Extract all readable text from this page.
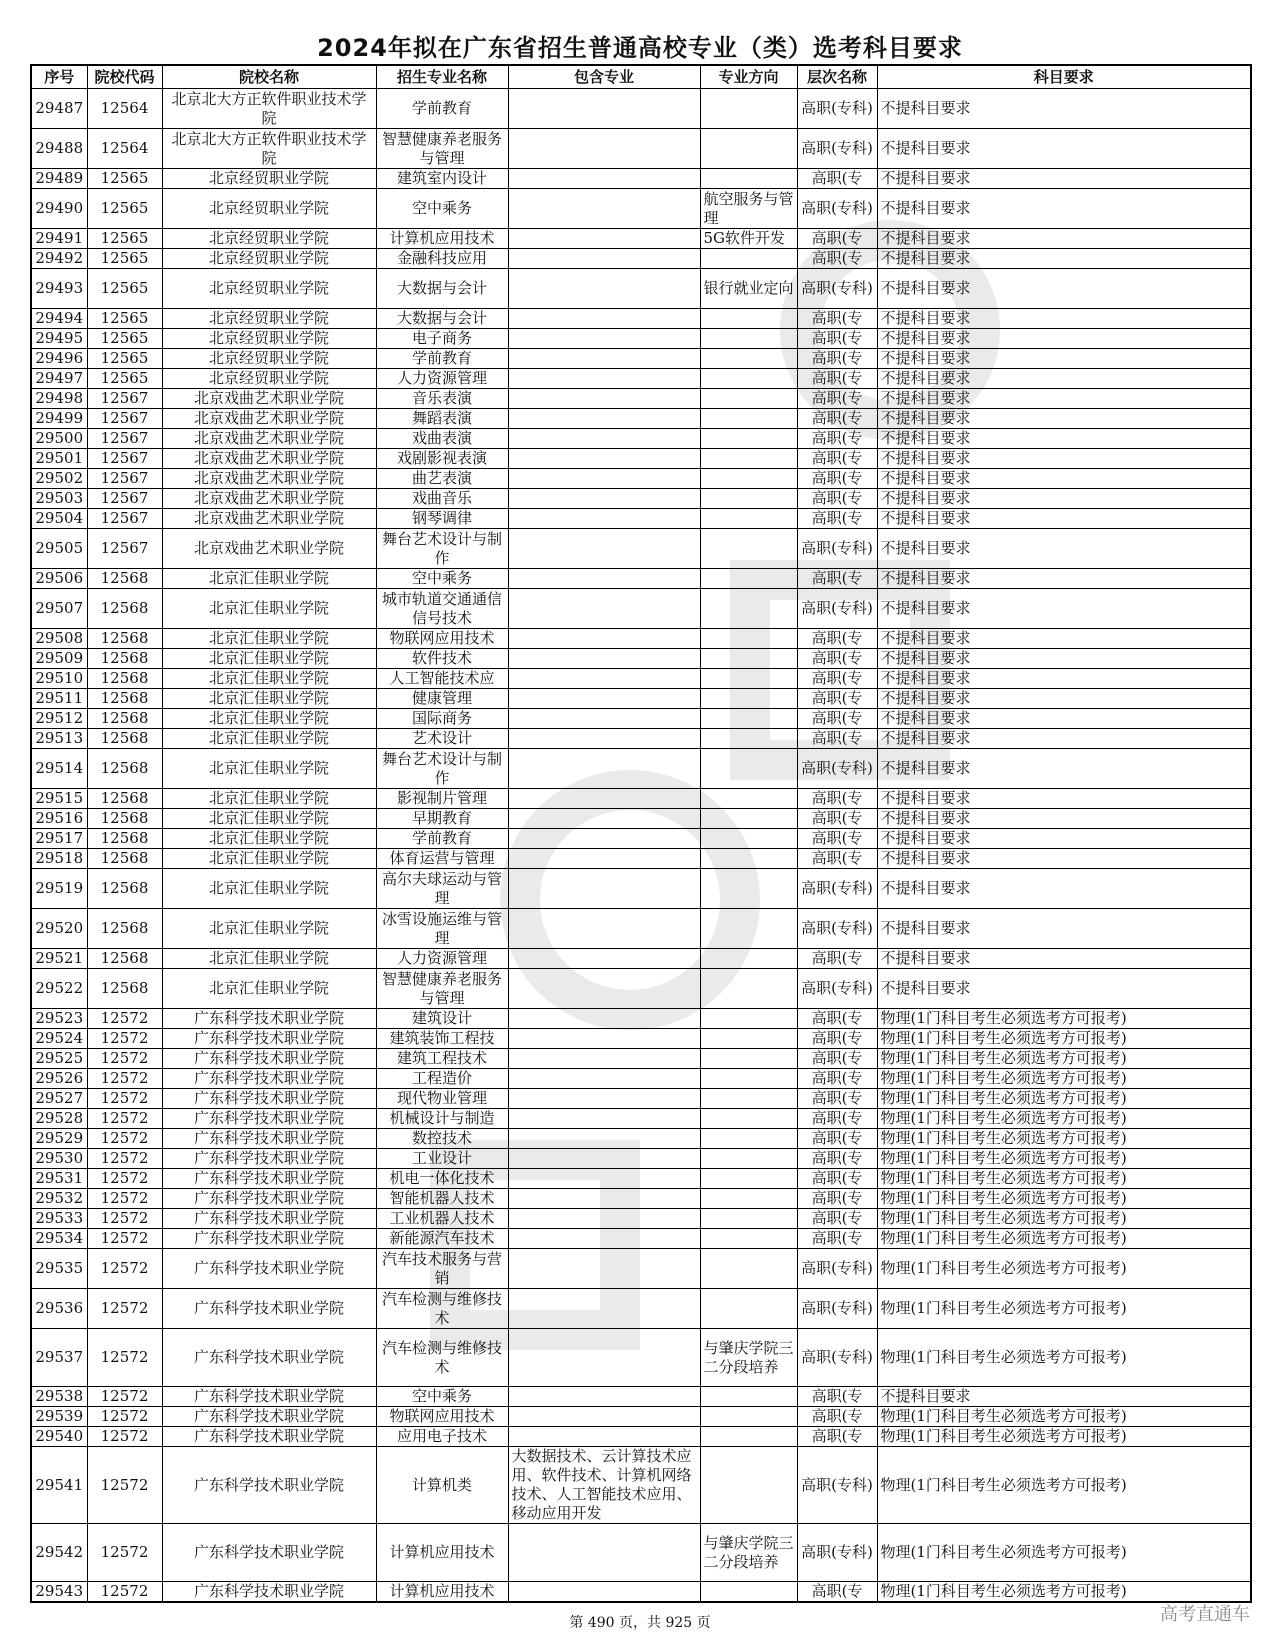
2024年拟在广东省招生普通高校专业（类）选考科目要求
序号	院校代码	院校名称	招生专业名称	包含专业	专业方向	层次名称	科目要求
29487	12564	北京北大方正软件职业技术学院	学前教育			高职(专科)	不提科目要求
29488	12564	北京北大方正软件职业技术学院	智慧健康养老服务与管理			高职(专科)	不提科目要求
29489	12565	北京经贸职业学院	建筑室内设计			高职(专	不提科目要求
29490	12565	北京经贸职业学院	空中乘务		航空服务与管理	高职(专科)	不提科目要求
29491	12565	北京经贸职业学院	计算机应用技术		5G软件开发	高职(专	不提科目要求
29492	12565	北京经贸职业学院	金融科技应用			高职(专	不提科目要求
29493	12565	北京经贸职业学院	大数据与会计		银行就业定向	高职(专科)	不提科目要求
29494	12565	北京经贸职业学院	大数据与会计			高职(专	不提科目要求
29495	12565	北京经贸职业学院	电子商务			高职(专	不提科目要求
29496	12565	北京经贸职业学院	学前教育			高职(专	不提科目要求
29497	12565	北京经贸职业学院	人力资源管理			高职(专	不提科目要求
29498	12567	北京戏曲艺术职业学院	音乐表演			高职(专	不提科目要求
29499	12567	北京戏曲艺术职业学院	舞蹈表演			高职(专	不提科目要求
29500	12567	北京戏曲艺术职业学院	戏曲表演			高职(专	不提科目要求
29501	12567	北京戏曲艺术职业学院	戏剧影视表演			高职(专	不提科目要求
29502	12567	北京戏曲艺术职业学院	曲艺表演			高职(专	不提科目要求
29503	12567	北京戏曲艺术职业学院	戏曲音乐			高职(专	不提科目要求
29504	12567	北京戏曲艺术职业学院	钢琴调律			高职(专	不提科目要求
29505	12567	北京戏曲艺术职业学院	舞台艺术设计与制作			高职(专科)	不提科目要求
29506	12568	北京汇佳职业学院	空中乘务			高职(专	不提科目要求
29507	12568	北京汇佳职业学院	城市轨道交通通信信号技术			高职(专科)	不提科目要求
29508	12568	北京汇佳职业学院	物联网应用技术			高职(专	不提科目要求
29509	12568	北京汇佳职业学院	软件技术			高职(专	不提科目要求
29510	12568	北京汇佳职业学院	人工智能技术应			高职(专	不提科目要求
29511	12568	北京汇佳职业学院	健康管理			高职(专	不提科目要求
29512	12568	北京汇佳职业学院	国际商务			高职(专	不提科目要求
29513	12568	北京汇佳职业学院	艺术设计			高职(专	不提科目要求
29514	12568	北京汇佳职业学院	舞台艺术设计与制作			高职(专科)	不提科目要求
29515	12568	北京汇佳职业学院	影视制片管理			高职(专	不提科目要求
29516	12568	北京汇佳职业学院	早期教育			高职(专	不提科目要求
29517	12568	北京汇佳职业学院	学前教育			高职(专	不提科目要求
29518	12568	北京汇佳职业学院	体育运营与管理			高职(专	不提科目要求
29519	12568	北京汇佳职业学院	高尔夫球运动与管理			高职(专科)	不提科目要求
29520	12568	北京汇佳职业学院	冰雪设施运维与管理			高职(专科)	不提科目要求
29521	12568	北京汇佳职业学院	人力资源管理			高职(专	不提科目要求
29522	12568	北京汇佳职业学院	智慧健康养老服务与管理			高职(专科)	不提科目要求
29523	12572	广东科学技术职业学院	建筑设计			高职(专	物理(1门科目考生必须选考方可报考)
29524	12572	广东科学技术职业学院	建筑装饰工程技			高职(专	物理(1门科目考生必须选考方可报考)
29525	12572	广东科学技术职业学院	建筑工程技术			高职(专	物理(1门科目考生必须选考方可报考)
29526	12572	广东科学技术职业学院	工程造价			高职(专	物理(1门科目考生必须选考方可报考)
29527	12572	广东科学技术职业学院	现代物业管理			高职(专	物理(1门科目考生必须选考方可报考)
29528	12572	广东科学技术职业学院	机械设计与制造			高职(专	物理(1门科目考生必须选考方可报考)
29529	12572	广东科学技术职业学院	数控技术			高职(专	物理(1门科目考生必须选考方可报考)
29530	12572	广东科学技术职业学院	工业设计			高职(专	物理(1门科目考生必须选考方可报考)
29531	12572	广东科学技术职业学院	机电一体化技术			高职(专	物理(1门科目考生必须选考方可报考)
29532	12572	广东科学技术职业学院	智能机器人技术			高职(专	物理(1门科目考生必须选考方可报考)
29533	12572	广东科学技术职业学院	工业机器人技术			高职(专	物理(1门科目考生必须选考方可报考)
29534	12572	广东科学技术职业学院	新能源汽车技术			高职(专	物理(1门科目考生必须选考方可报考)
29535	12572	广东科学技术职业学院	汽车技术服务与营销			高职(专科)	物理(1门科目考生必须选考方可报考)
29536	12572	广东科学技术职业学院	汽车检测与维修技术			高职(专科)	物理(1门科目考生必须选考方可报考)
29537	12572	广东科学技术职业学院	汽车检测与维修技术		与肇庆学院三二分段培养	高职(专科)	物理(1门科目考生必须选考方可报考)
29538	12572	广东科学技术职业学院	空中乘务			高职(专	不提科目要求
29539	12572	广东科学技术职业学院	物联网应用技术			高职(专	物理(1门科目考生必须选考方可报考)
29540	12572	广东科学技术职业学院	应用电子技术			高职(专	物理(1门科目考生必须选考方可报考)
29541	12572	广东科学技术职业学院	计算机类	大数据技术、云计算技术应用、软件技术、计算机网络技术、人工智能技术应用、移动应用开发		高职(专科)	物理(1门科目考生必须选考方可报考)
29542	12572	广东科学技术职业学院	计算机应用技术		与肇庆学院三二分段培养	高职(专科)	物理(1门科目考生必须选考方可报考)
29543	12572	广东科学技术职业学院	计算机应用技术			高职(专	物理(1门科目考生必须选考方可报考)
第 490 页，共 925 页	高考直通车
